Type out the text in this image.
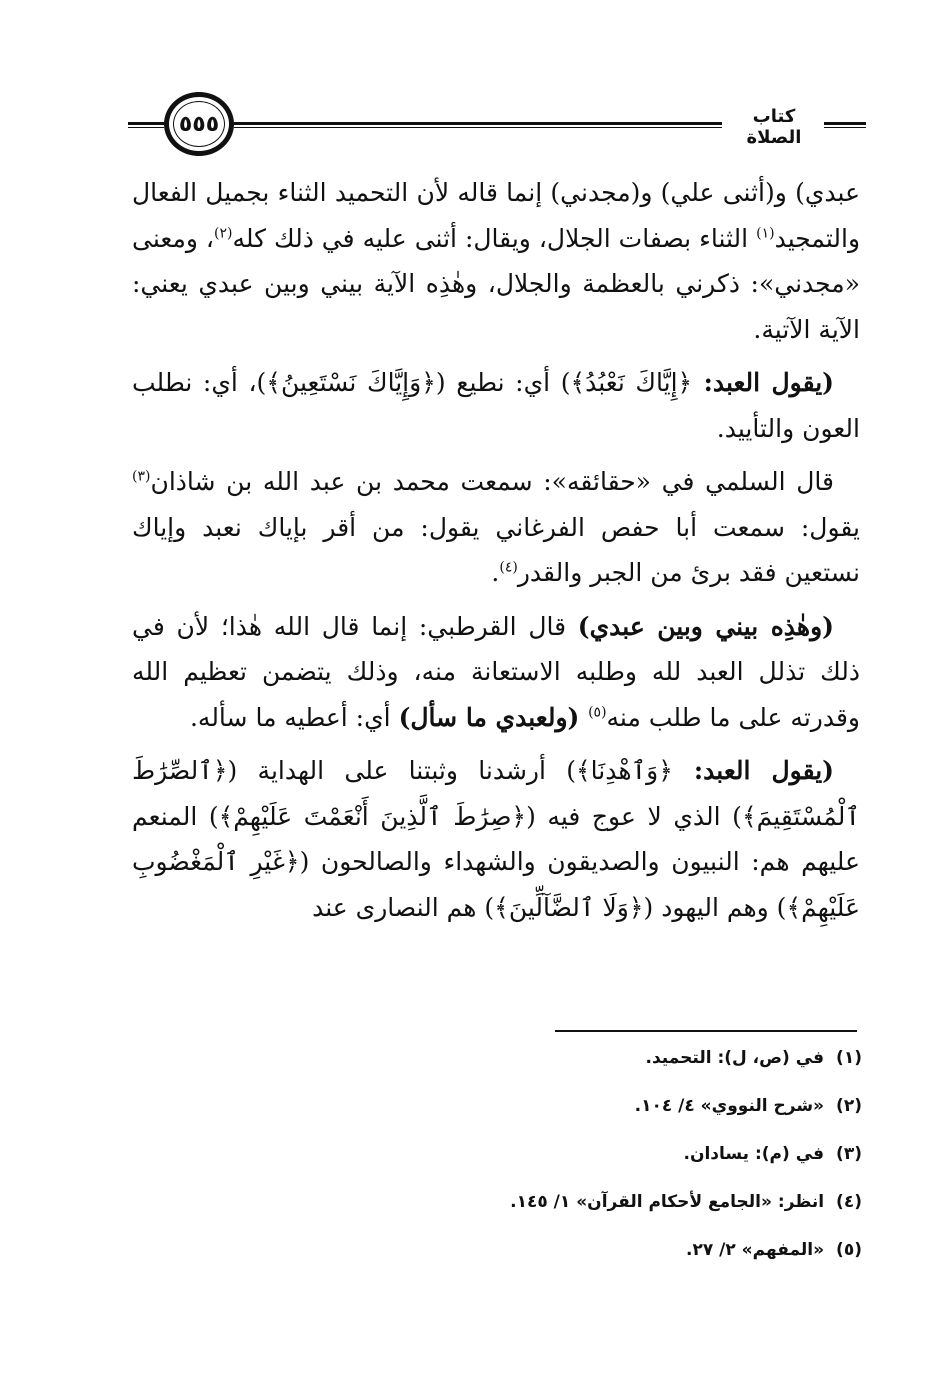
٥٥٥	كتاب الصلاة

عبدي) و(أثنى علي) و(مجدني) إنما قاله لأن التحميد الثناء بجميل الفعال والتمجيد$^{(١)}$ الثناء بصفات الجلال، ويقال: أثنى عليه في ذلك كله$^{(٢)}$، ومعنى «مجدني»: ذكرني بالعظمة والجلال، وهٰذِه الآية بيني وبين عبدي يعني: الآية الآتية.

(يقول العبد: ﴿إِيَّاكَ نَعْبُدُ﴾) أي: نطيع (﴿وَإِيَّاكَ نَسْتَعِينُ﴾)، أي: نطلب العون والتأييد.

قال السلمي في «حقائقه»: سمعت محمد بن عبد الله بن شاذان$^{(٣)}$ يقول: سمعت أبا حفص الفرغاني يقول: من أقر بإياك نعبد وإياك نستعين فقد برئ من الجبر والقدر$^{(٤)}$.

(وهٰذِه بيني وبين عبدي) قال القرطبي: إنما قال الله هٰذا؛ لأن في ذلك تذلل العبد لله وطلبه الاستعانة منه، وذلك يتضمن تعظيم الله وقدرته على ما طلب منه$^{(٥)}$ (ولعبدي ما سأل) أي: أعطيه ما سأله.

(يقول العبد: ﴿وَٱهْدِنَا﴾) أرشدنا وثبتنا على الهداية (﴿ٱلصِّرَٰطَ ٱلْمُسْتَقِيمَ﴾) الذي لا عوج فيه (﴿صِرَٰطَ ٱلَّذِينَ أَنْعَمْتَ عَلَيْهِمْ﴾) المنعم عليهم هم: النبيون والصديقون والشهداء والصالحون (﴿غَيْرِ ٱلْمَغْضُوبِ عَلَيْهِمْ﴾) وهم اليهود (﴿وَلَا ٱلضَّآلِّينَ﴾) هم النصارى عند

(١)في (ص، ل): التحميد.
(٢)«شرح النووي» ٤/ ١٠٤.
(٣)في (م): يسادان.
(٤)انظر: «الجامع لأحكام القرآن» ١/ ١٤٥.
(٥)«المفهم» ٢/ ٢٧.
